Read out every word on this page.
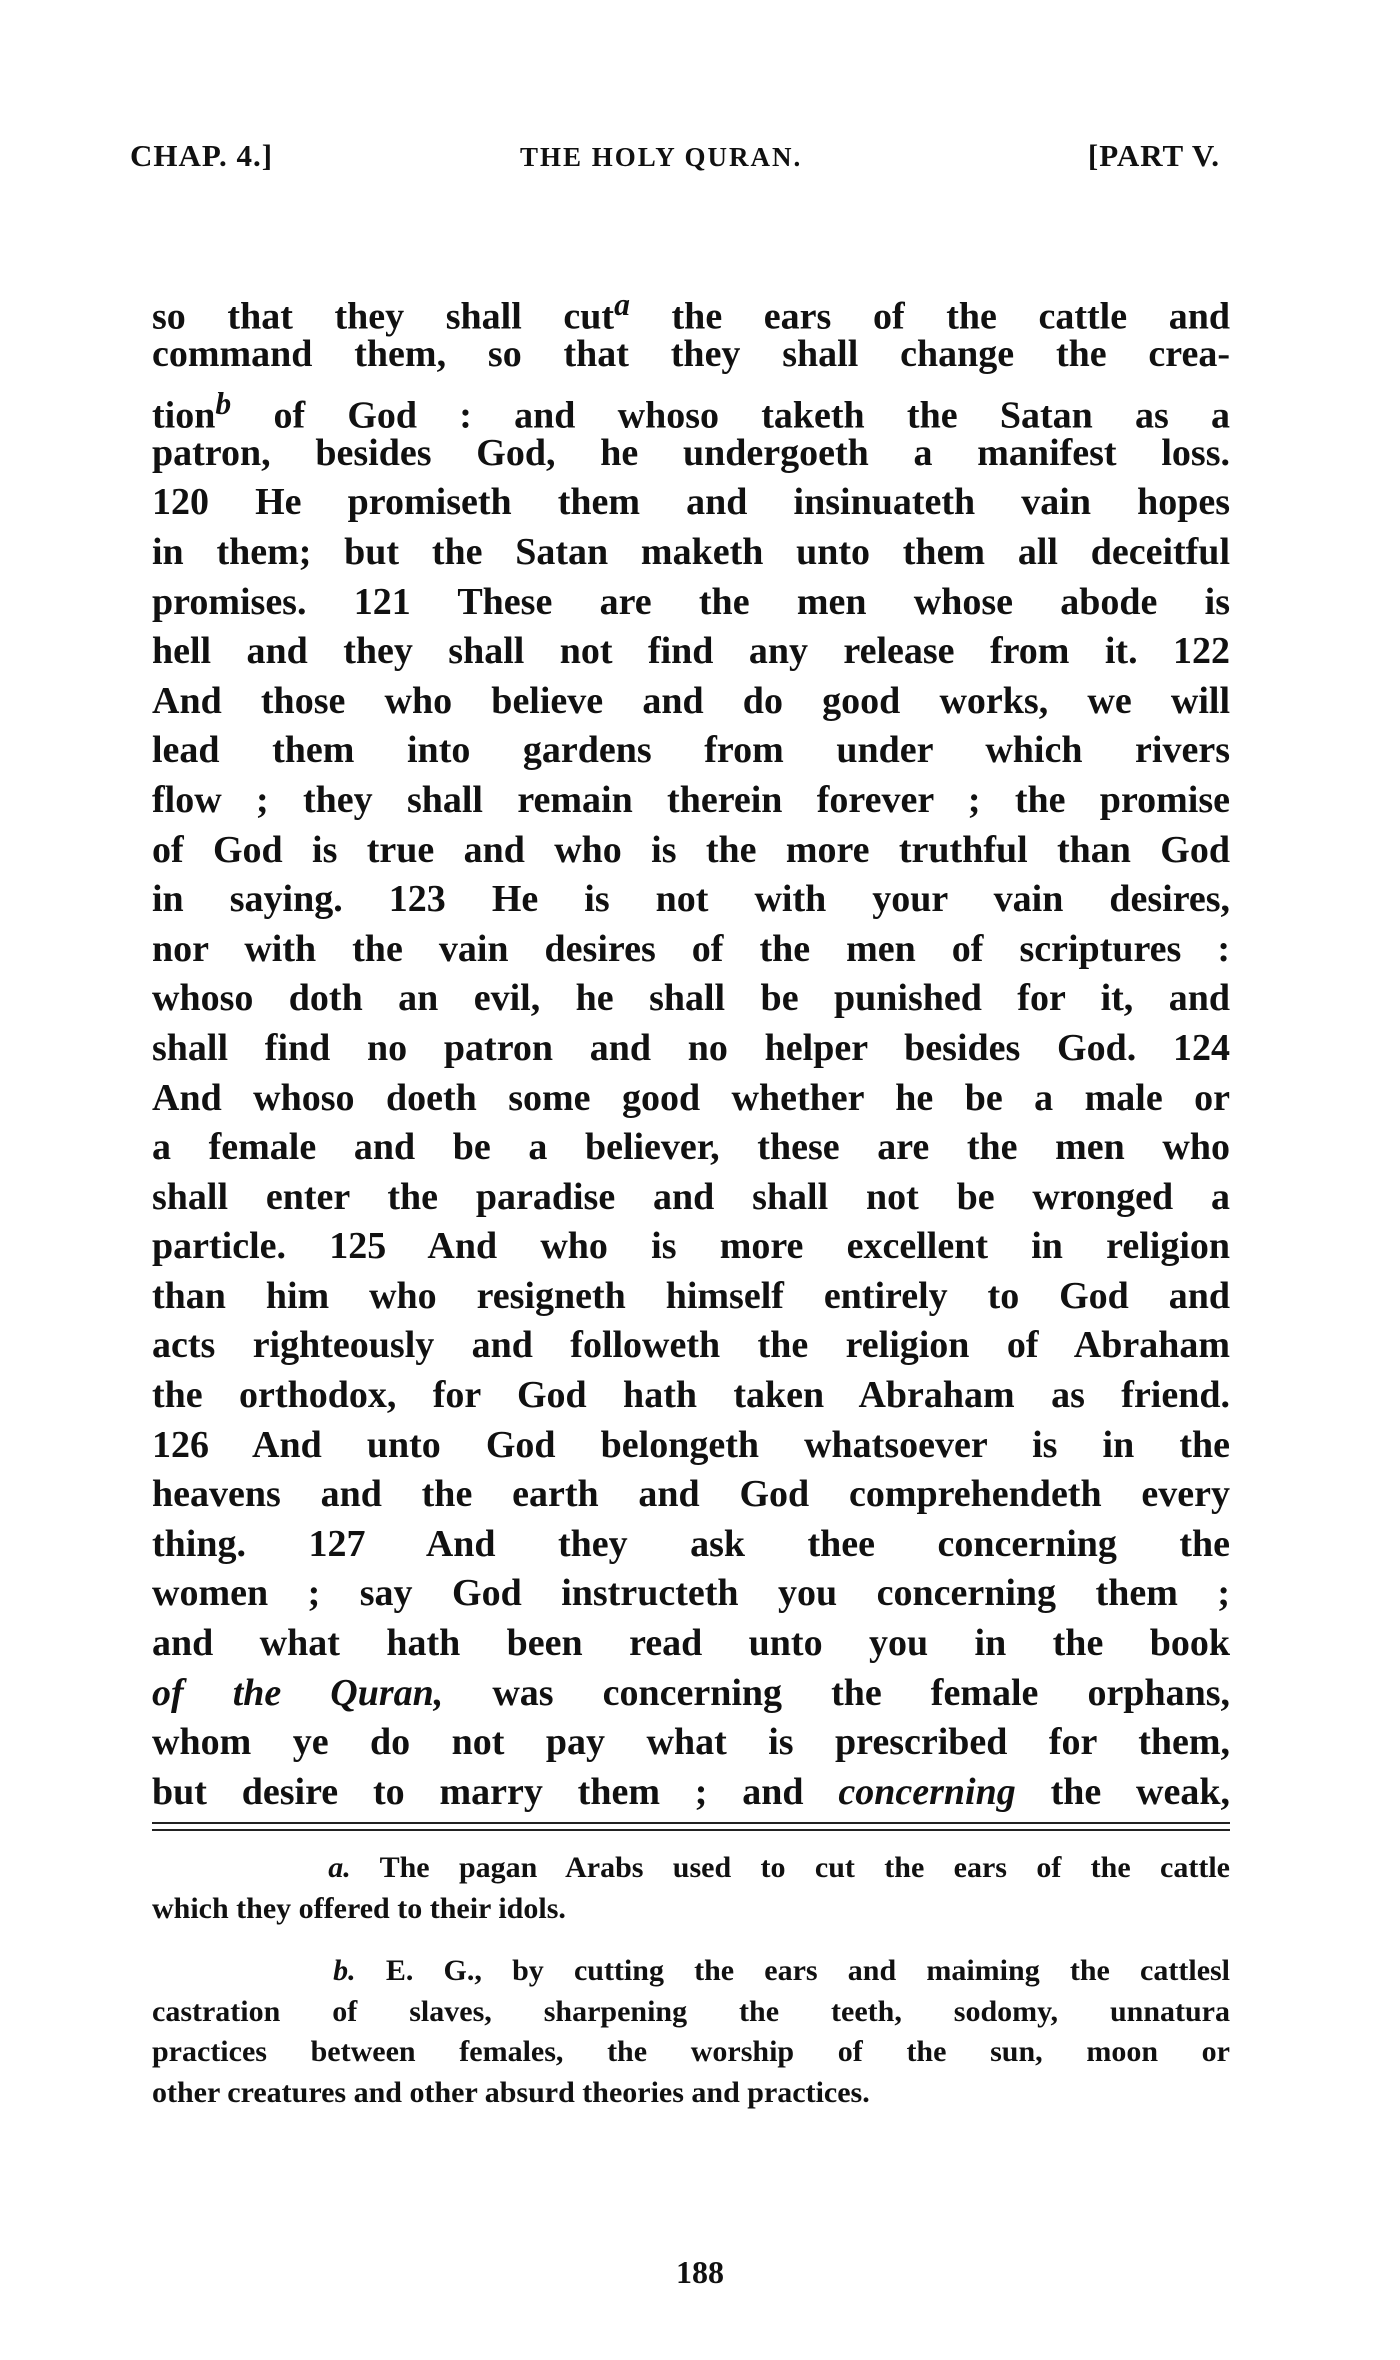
CHAP. 4.]	THE HOLY QURAN.	[PART V.
so that they shall cut$^a$ the ears of the cattle and
command them, so that they shall change the crea-
tion$^b$ of God : and whoso taketh the Satan as a
patron, besides God, he undergoeth a manifest loss.
120 He promiseth them and insinuateth vain hopes
in them; but the Satan maketh unto them all deceitful
promises. 121 These are the men whose abode is
hell and they shall not find any release from it. 122
And those who believe and do good works, we will
lead them into gardens from under which rivers
flow ; they shall remain therein forever ; the promise
of God is true and who is the more truthful than God
in saying. 123 He is not with your vain desires,
nor with the vain desires of the men of scriptures :
whoso doth an evil, he shall be punished for it, and
shall find no patron and no helper besides God. 124
And whoso doeth some good whether he be a male or
a female and be a believer, these are the men who
shall enter the paradise and shall not be wronged a
particle. 125 And who is more excellent in religion
than him who resigneth himself entirely to God and
acts righteously and followeth the religion of Abraham
the orthodox, for God hath taken Abraham as friend.
126 And unto God belongeth whatsoever is in the
heavens and the earth and God comprehendeth every
thing. 127 And they ask thee concerning the
women ; say God instructeth you concerning them ;
and what hath been read unto you in the book
of the Quran, was concerning the female orphans,
whom ye do not pay what is prescribed for them,
but desire to marry them ; and concerning the weak,
a. The pagan Arabs used to cut the ears of the cattle
which they offered to their idols.
b. E. G., by cutting the ears and maiming the cattlesl
castration of slaves, sharpening the teeth, sodomy, unnatura
practices between females, the worship of the sun, moon or
other creatures and other absurd theories and practices.
188
